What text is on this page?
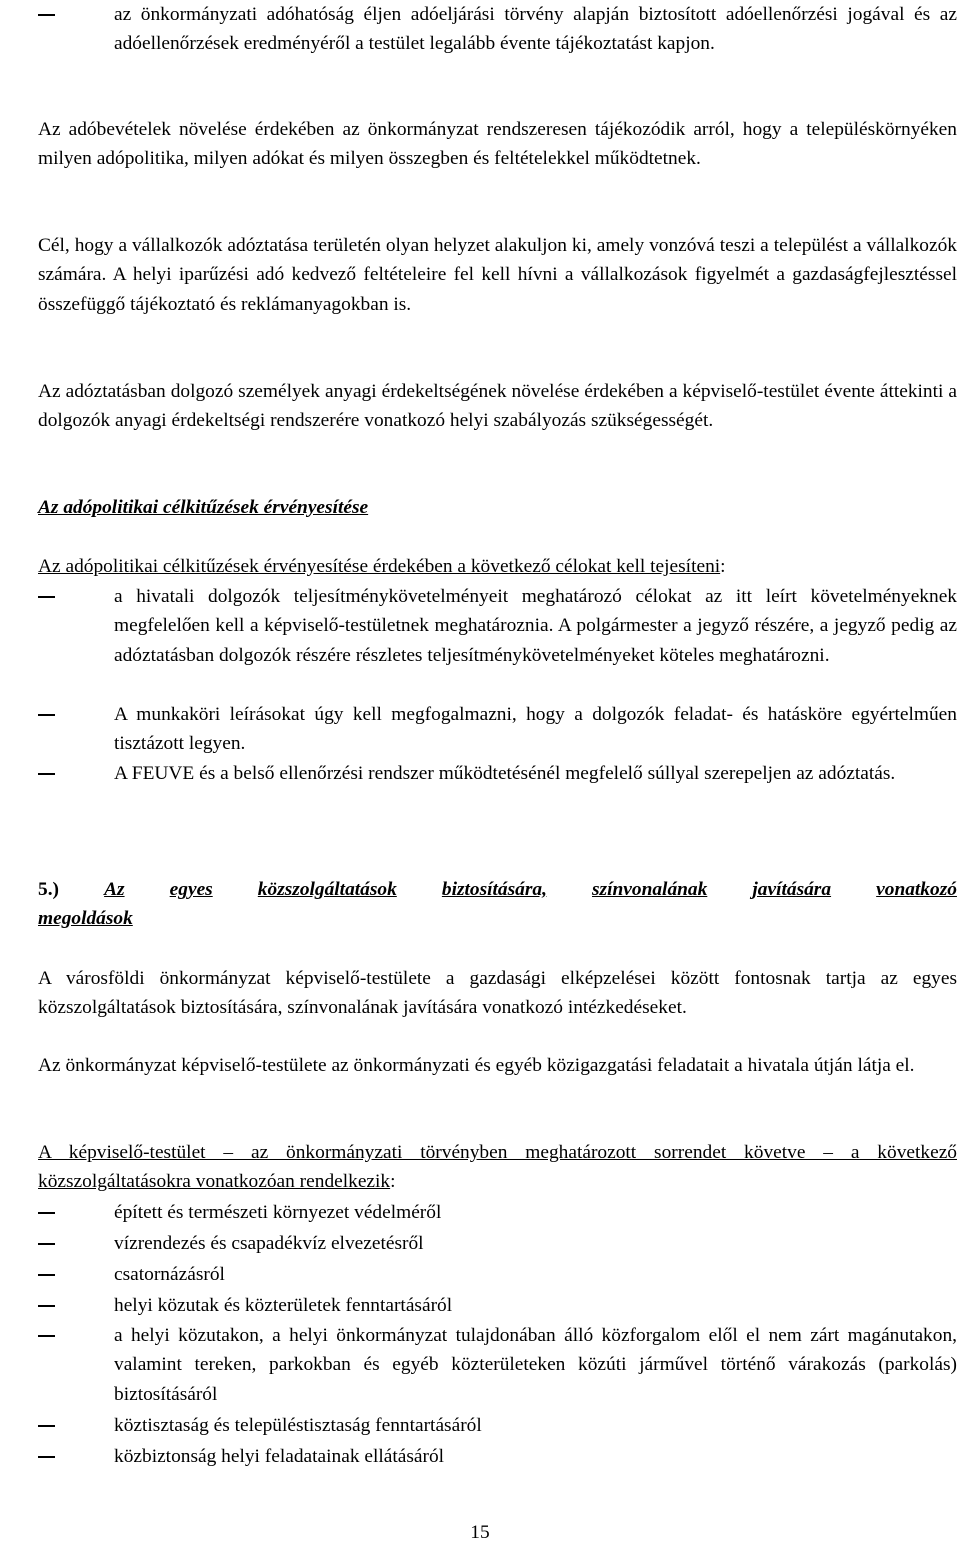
az önkormányzati adóhatóság éljen adóeljárási törvény alapján biztosított adóellenőrzési jogával és az adóellenőrzések eredményéről a testület legalább évente tájékoztatást kapjon.

Az adóbevételek növelése érdekében az önkormányzat rendszeresen tájékozódik arról, hogy a településkörnyéken milyen adópolitika, milyen adókat és milyen összegben és feltételekkel működtetnek.

Cél, hogy a vállalkozók adóztatása területén olyan helyzet alakuljon ki, amely vonzóvá teszi a települést a vállalkozók számára. A helyi iparűzési adó kedvező feltételeire fel kell hívni a vállalkozások figyelmét a gazdaságfejlesztéssel összefüggő tájékoztató és reklámanyagokban is.

Az adóztatásban dolgozó személyek anyagi érdekeltségének növelése érdekében a képviselő-testület évente áttekinti a dolgozók anyagi érdekeltségi rendszerére vonatkozó helyi szabályozás szükségességét.

Az adópolitikai célkitűzések érvényesítése

Az adópolitikai célkitűzések érvényesítése érdekében a következő célokat kell tejesíteni:

a hivatali dolgozók teljesítménykövetelményeit meghatározó célokat az itt leírt követelményeknek megfelelően kell a képviselő-testületnek meghatároznia. A polgármester a jegyző részére, a jegyző pedig az adóztatásban dolgozók részére részletes teljesítménykövetelményeket köteles meghatározni.

A munkaköri leírásokat úgy kell megfogalmazni, hogy a dolgozók feladat- és hatásköre egyértelműen tisztázott legyen.

A FEUVE és a belső ellenőrzési rendszer működtetésénél megfelelő súllyal szerepeljen az adóztatás.

5.) Az egyes közszolgáltatások biztosítására, színvonalának javítására vonatkozó
megoldások

A városföldi önkormányzat képviselő-testülete a gazdasági elképzelései között fontosnak tartja az egyes közszolgáltatások biztosítására, színvonalának javítására vonatkozó intézkedéseket.

Az önkormányzat képviselő-testülete az önkormányzati és egyéb közigazgatási feladatait a hivatala útján látja el.

A képviselő-testület – az önkormányzati törvényben meghatározott sorrendet követve – a következő közszolgáltatásokra vonatkozóan rendelkezik:

épített és természeti környezet védelméről

vízrendezés és csapadékvíz elvezetésről

csatornázásról

helyi közutak és közterületek fenntartásáról

a helyi közutakon, a helyi önkormányzat tulajdonában álló közforgalom elől el nem zárt magánutakon, valamint tereken, parkokban és egyéb közterületeken közúti járművel történő várakozás (parkolás) biztosításáról

köztisztaság és településtisztaság fenntartásáról

közbiztonság helyi feladatainak ellátásáról

15
